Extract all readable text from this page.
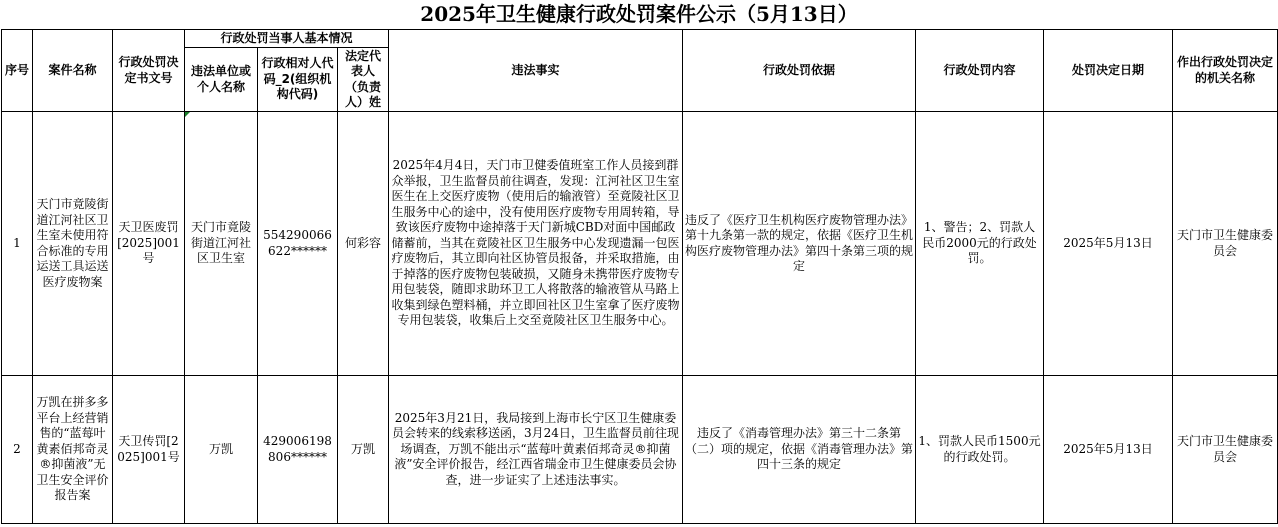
2025年卫生健康行政处罚案件公示（5月13日）
序号	案件名称	行政处罚决定书文号	行政处罚当事人基本情况			违法事实	行政处罚依据	行政处罚内容	处罚决定日期	作出行政处罚决定的机关名称
			违法单位或个人名称	行政相对人代码_2(组织机构代码)	法定代表人（负责人）姓					
1	天门市竟陵街道江河社区卫生室未使用符合标准的专用运送工具运送医疗废物案	天卫医废罚[2025]001号	天门市竟陵街道江河社区卫生室	554290066622******	何彩容	2025年4月4日，天门市卫健委值班室工作人员接到群众举报，卫生监督员前往调查，发现：江河社区卫生室医生在上交医疗废物（使用后的输液管）至竟陵社区卫生服务中心的途中，没有使用医疗废物专用周转箱，导致该医疗废物中途掉落于天门新城CBD对面中国邮政储蓄前，当其在竟陵社区卫生服务中心发现遗漏一包医疗废物后，其立即向社区协管员报备，并采取措施，由于掉落的医疗废物包装破损，又随身未携带医疗废物专用包装袋，随即求助环卫工人将散落的输液管从马路上收集到绿色塑料桶，并立即回社区卫生室拿了医疗废物专用包装袋，收集后上交至竟陵社区卫生服务中心。	违反了《医疗卫生机构医疗废物管理办法》第十九条第一款的规定，依据《医疗卫生机构医疗废物管理办法》第四十条第三项的规定	1、警告；2、罚款人民币2000元的行政处罚。	2025年5月13日	天门市卫生健康委员会
2	万凯在拼多多平台上经营销售的“蓝莓叶黄素佰邦奇灵®抑菌液”无卫生安全评价报告案	天卫传罚[2025]001号	万凯	429006198806******	万凯	2025年3月21日，我局接到上海市长宁区卫生健康委员会转来的线索移送函，3月24日，卫生监督员前往现场调查，万凯不能出示“蓝莓叶黄素佰邦奇灵®抑菌液”安全评价报告，经江西省瑞金市卫生健康委员会协查，进一步证实了上述违法事实。	违反了《消毒管理办法》第三十二条第（二）项的规定，依据《消毒管理办法》第四十三条的规定	1、罚款人民币1500元的行政处罚。	2025年5月13日	天门市卫生健康委员会
